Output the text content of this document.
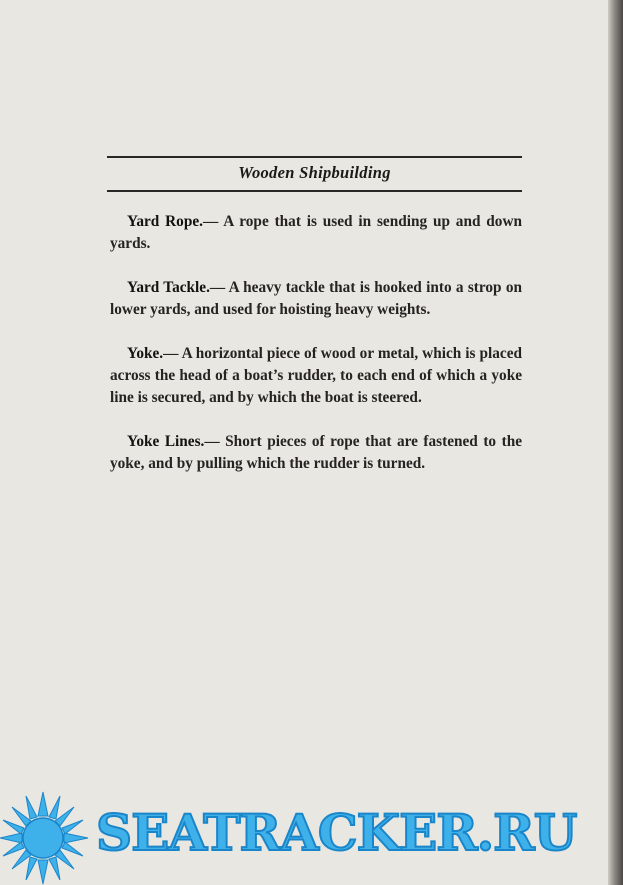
Wooden Shipbuilding

Yard Rope.— A rope that is used in sending up and down yards.

Yard Tackle.— A heavy tackle that is hooked into a strop on lower yards, and used for hoisting heavy weights.

Yoke.— A horizontal piece of wood or metal, which is placed across the head of a boat’s rudder, to each end of which a yoke line is secured, and by which the boat is steered.

Yoke Lines.— Short pieces of rope that are fastened to the yoke, and by pulling which the rudder is turned.

SEATRACKER.RU
